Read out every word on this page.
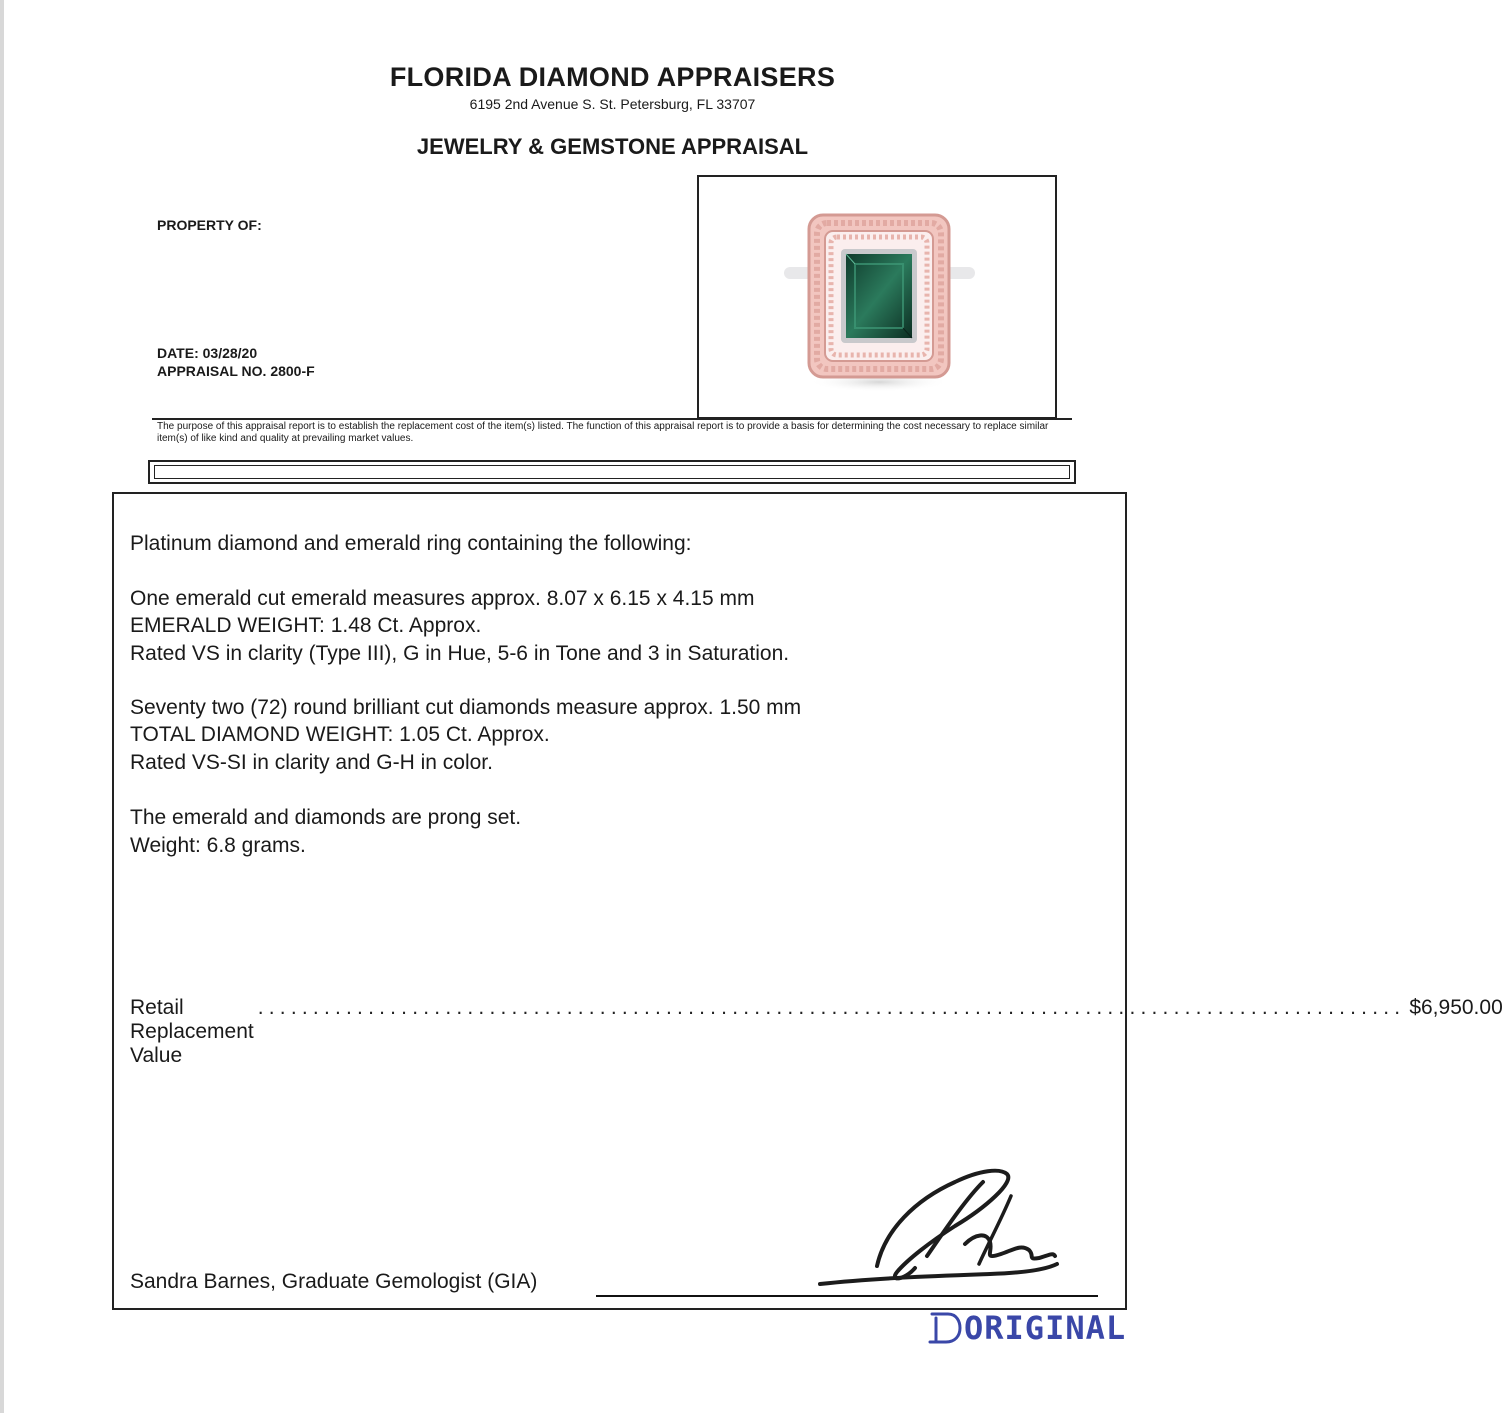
FLORIDA DIAMOND APPRAISERS
6195 2nd Avenue S. St. Petersburg, FL 33707
JEWELRY & GEMSTONE APPRAISAL
PROPERTY OF:
DATE: 03/28/20
APPRAISAL NO. 2800-F
The purpose of this appraisal report is to establish the replacement cost of the item(s) listed. The function of this appraisal report is to provide a basis for determining the cost necessary to replace similar item(s) of like kind and quality at prevailing market values.
Platinum diamond and emerald ring containing the following:
One emerald cut emerald measures approx. 8.07 x 6.15 x 4.15 mm
EMERALD WEIGHT: 1.48 Ct. Approx.
Rated VS in clarity (Type III), G in Hue, 5-6 in Tone and 3 in Saturation.
Seventy two (72) round brilliant cut diamonds measure approx. 1.50 mm
TOTAL DIAMOND WEIGHT: 1.05 Ct. Approx.
Rated VS-SI in clarity and G-H in color.
The emerald and diamonds are prong set.
Weight: 6.8 grams.
Retail Replacement Value
........................................................................................................ $6,950.00
Sandra Barnes, Graduate Gemologist (GIA)
ORIGINAL
